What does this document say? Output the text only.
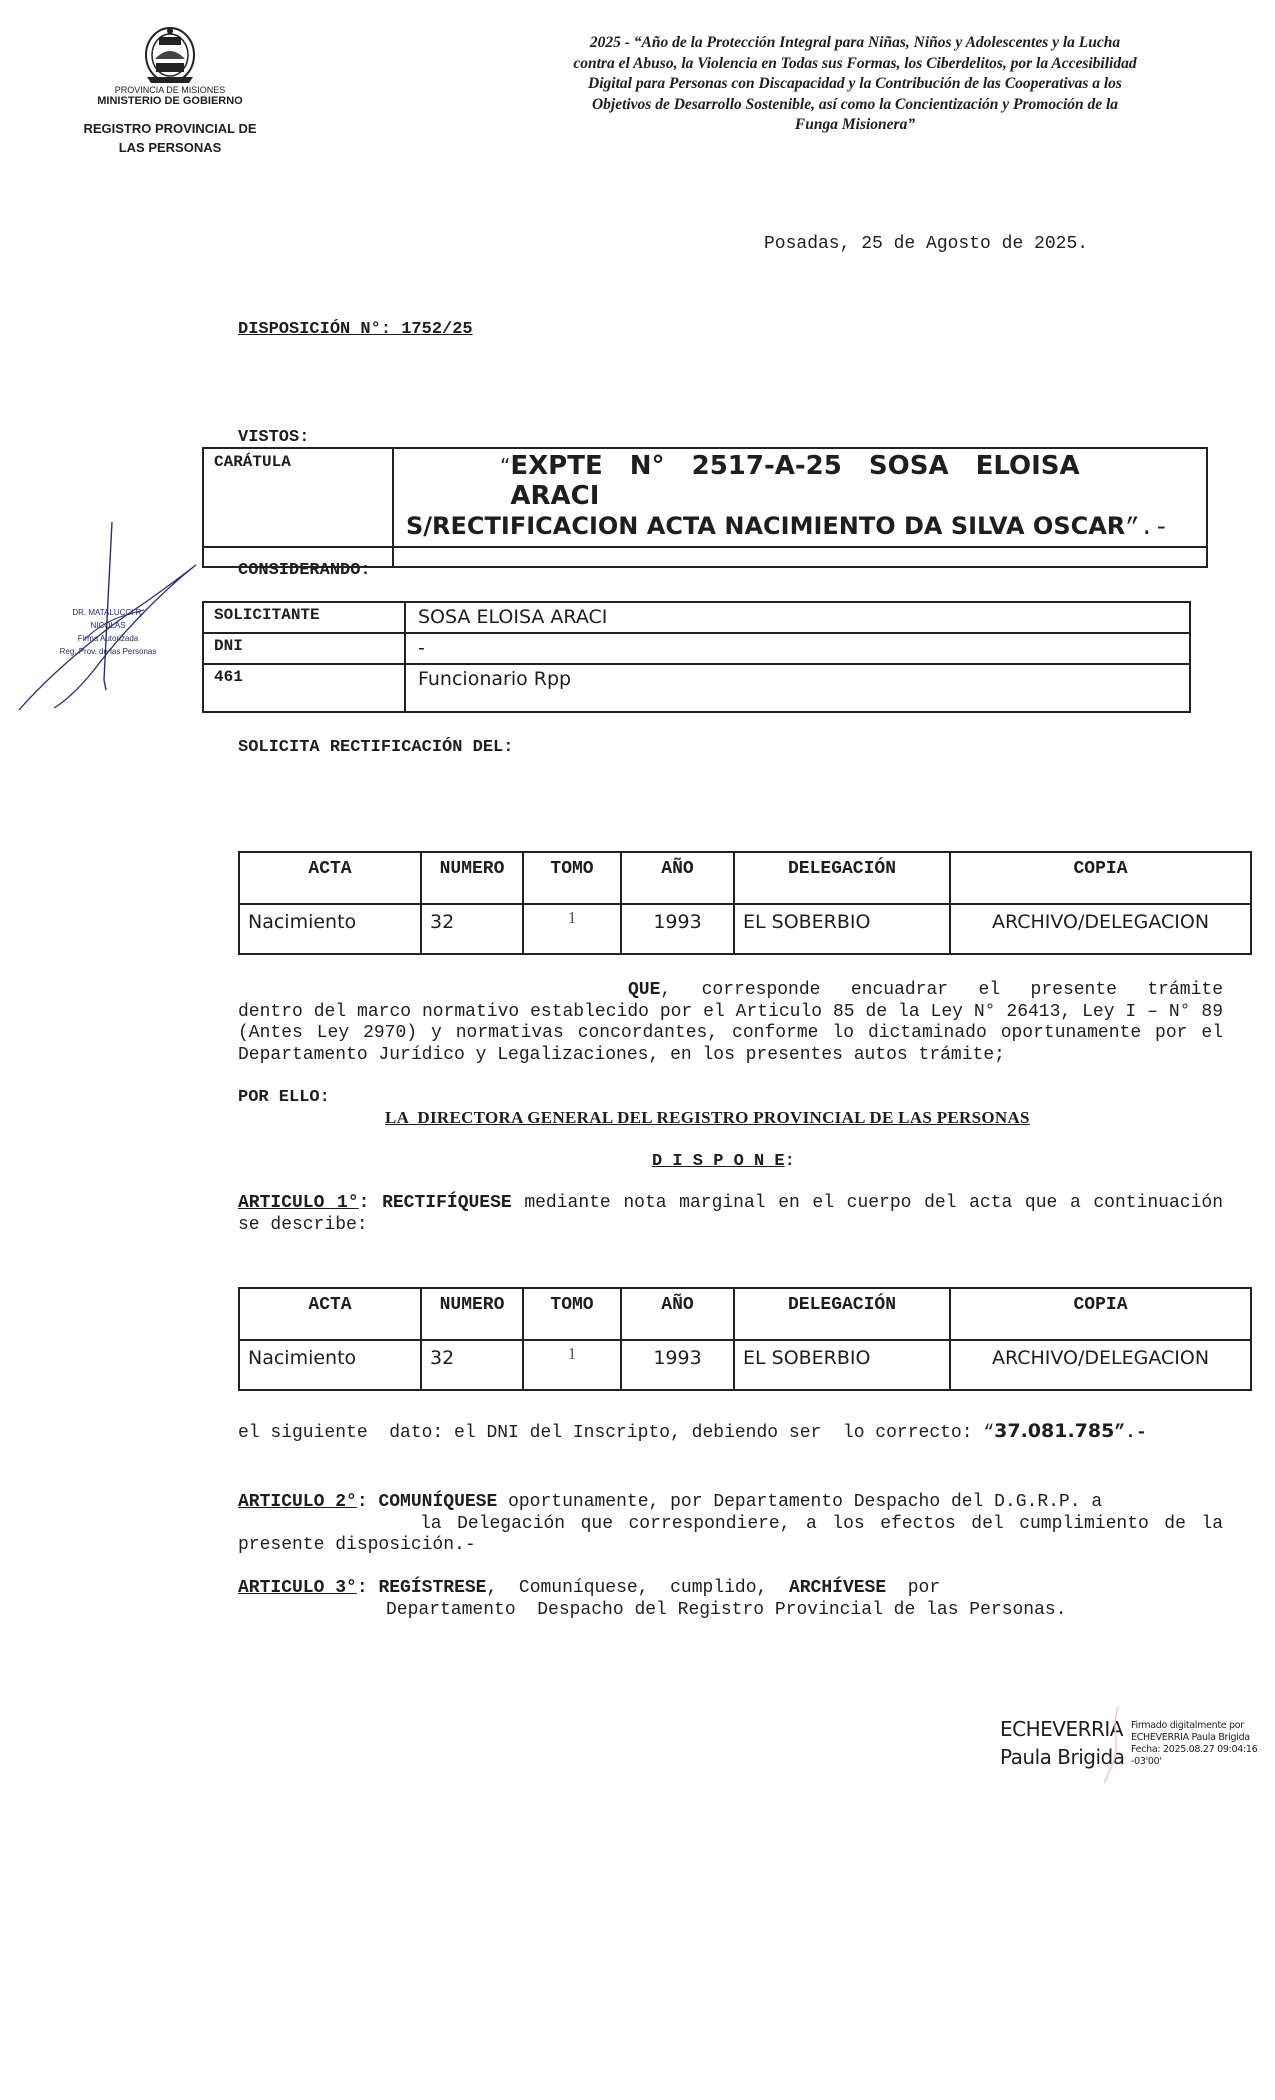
PROVINCIA DE MISIONES
MINISTERIO DE GOBIERNO
REGISTRO PROVINCIAL DE
LAS PERSONAS
2025 - “Año de la Protección Integral para Niñas, Niños y Adolescentes y la Lucha
contra el Abuso, la Violencia en Todas sus Formas, los Ciberdelitos, por la Accesibilidad
Digital para Personas con Discapacidad y la Contribución de las Cooperativas a los
Objetivos de Desarrollo Sostenible, así como la Concientización y Promoción de la
Funga Misionera”
Posadas, 25 de Agosto de 2025.
DISPOSICIÓN N°: 1752/25
VISTOS:
CARÁTULA	“ EXPTE N° 2517-A-25 SOSA ELOISA ARACI
S/RECTIFICACION ACTA NACIMIENTO DA SILVA OSCAR”.-

CONSIDERANDO:
SOLICITANTE	SOSA ELOISA ARACI
DNI	-
461	Funcionario Rpp
SOLICITA RECTIFICACIÓN DEL:
ACTA	NUMERO	TOMO	AÑO	DELEGACIÓN	COPIA
Nacimiento	32	1	1993	EL SOBERBIO	ARCHIVO/DELEGACION
QUE , corresponde encuadrar el presente trámite
dentro del marco normativo establecido por el Articulo 85 de la Ley N° 26413, Ley I – N° 89 (Antes Ley 2970) y normativas concordantes, conforme lo dictaminado oportunamente por el Departamento Jurídico y Legalizaciones, en los presentes autos trámite;
POR ELLO:
LA  DIRECTORA GENERAL DEL REGISTRO PROVINCIAL DE LAS PERSONAS
D I S P O N E:
ARTICULO 1°: RECTIFÍQUESE mediante nota marginal en el cuerpo del acta que a continuación se describe:
ACTA	NUMERO	TOMO	AÑO	DELEGACIÓN	COPIA
Nacimiento	32	1	1993	EL SOBERBIO	ARCHIVO/DELEGACION
el siguiente  dato: el DNI del Inscripto, debiendo ser  lo correcto: “37.081.785”.-
ARTICULO 2°: COMUNÍQUESE oportunamente, por Departamento Despacho del D.G.R.P. a
la Delegación que correspondiere, a los efectos del cumplimiento de la
presente disposición.-
ARTICULO 3°: REGÍSTRESE,  Comuníquese,  cumplido,  ARCHÍVESE  por
Departamento  Despacho del Registro Provincial de las Personas.
DR. MATALUCCI R. NICOLAS
Firma Autorizada
Reg. Prov. de las Personas
ECHEVERRIA
Paula Brigida
Firmado digitalmente por
ECHEVERRIA Paula Brigida
Fecha: 2025.08.27 09:04:16
-03'00'
